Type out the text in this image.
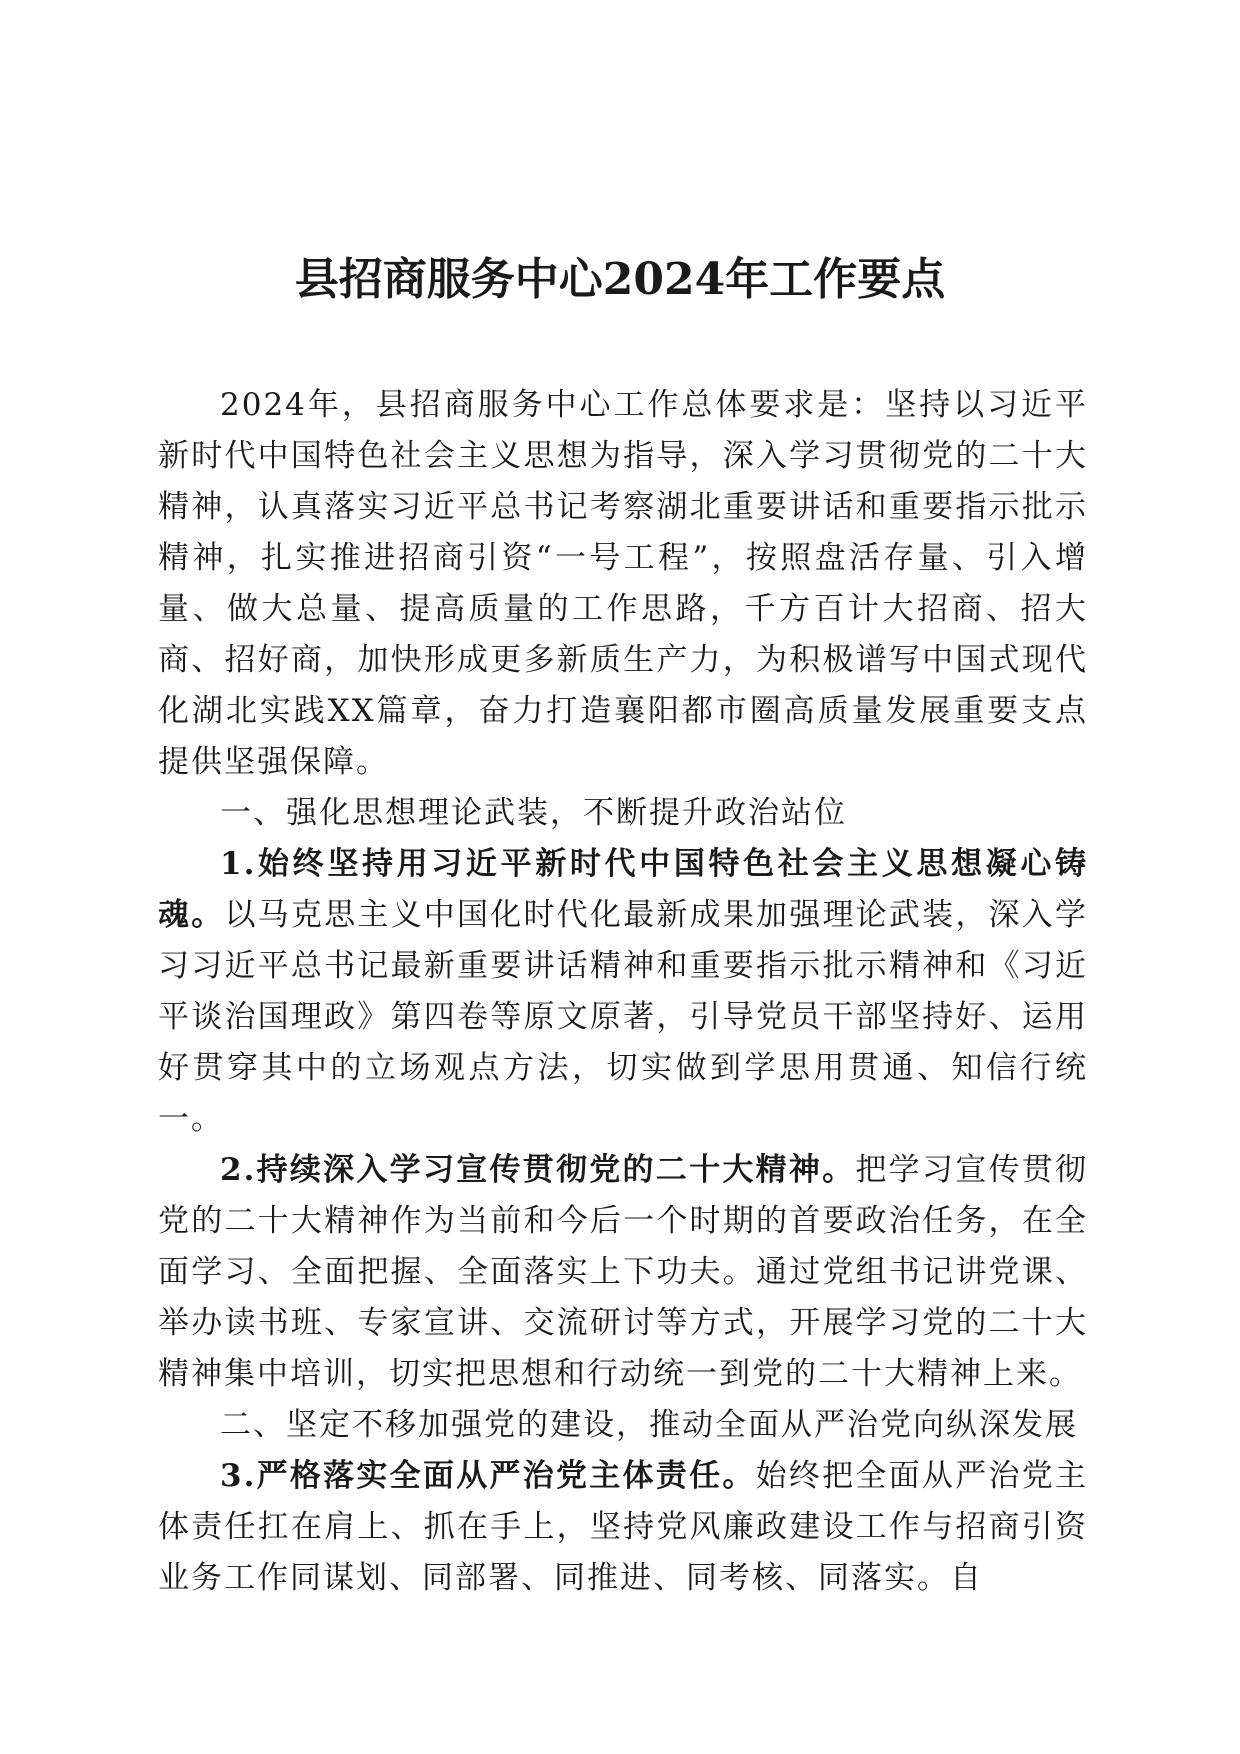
县招商服务中心2024年工作要点

2024年，县招商服务中心工作总体要求是：坚持以习近平新时代中国特色社会主义思想为指导，深入学习贯彻党的二十大精神，认真落实习近平总书记考察湖北重要讲话和重要指示批示精神，扎实推进招商引资“一号工程”，按照盘活存量、引入增量、做大总量、提高质量的工作思路，千方百计大招商、招大商、招好商，加快形成更多新质生产力，为积极谱写中国式现代化湖北实践XX篇章，奋力打造襄阳都市圈高质量发展重要支点提供坚强保障。

一、强化思想理论武装，不断提升政治站位

1.始终坚持用习近平新时代中国特色社会主义思想凝心铸魂。以马克思主义中国化时代化最新成果加强理论武装，深入学习习近平总书记最新重要讲话精神和重要指示批示精神和《习近平谈治国理政》第四卷等原文原著，引导党员干部坚持好、运用好贯穿其中的立场观点方法，切实做到学思用贯通、知信行统一。

2.持续深入学习宣传贯彻党的二十大精神。把学习宣传贯彻党的二十大精神作为当前和今后一个时期的首要政治任务，在全面学习、全面把握、全面落实上下功夫。通过党组书记讲党课、举办读书班、专家宣讲、交流研讨等方式，开展学习党的二十大精神集中培训，切实把思想和行动统一到党的二十大精神上来。

二、坚定不移加强党的建设，推动全面从严治党向纵深发展

3.严格落实全面从严治党主体责任。始终把全面从严治党主体责任扛在肩上、抓在手上，坚持党风廉政建设工作与招商引资业务工作同谋划、同部署、同推进、同考核、同落实。自
